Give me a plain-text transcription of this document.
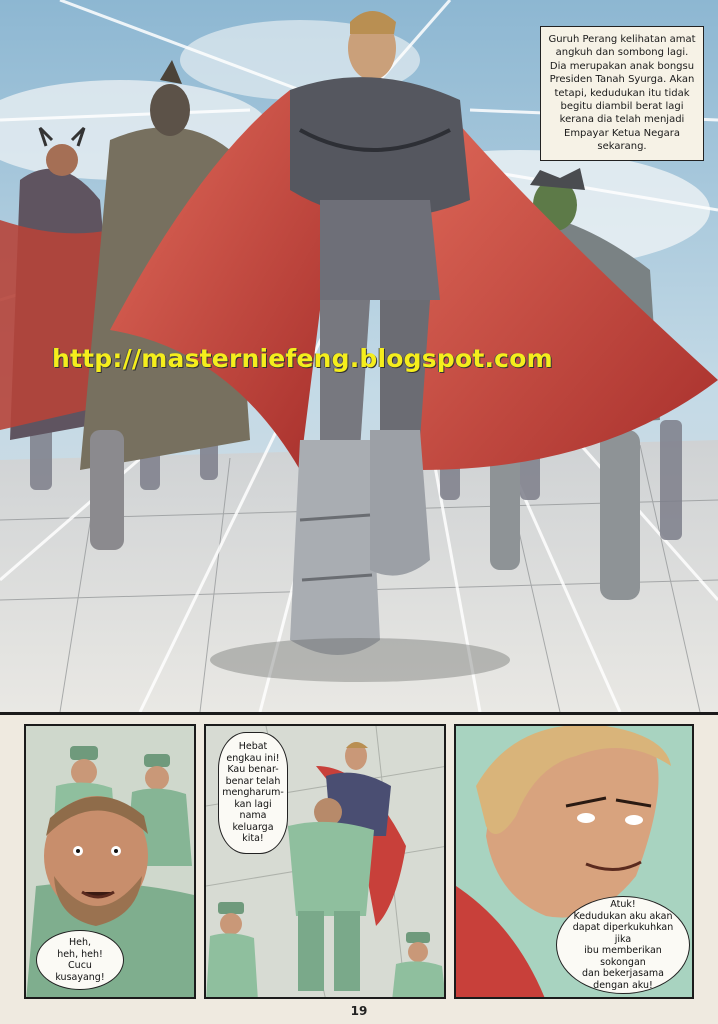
Guruh Perang kelihatan amat
angkuh dan sombong lagi.
Dia merupakan anak bongsu
Presiden Tanah Syurga. Akan
tetapi, kedudukan itu tidak
begitu diambil berat lagi
kerana dia telah menjadi
Empayar Ketua Negara
sekarang.
http://masterniefeng.blogspot.com
Heh,
heh, heh! Cucu
kusayang!
Hebat
engkau ini!
Kau benar-
benar telah
mengharum-
kan lagi nama
keluarga
kita!
Atuk!
Kedudukan aku akan
dapat diperkukuhkan jika
ibu memberikan sokongan
dan bekerjasama
dengan aku!
19
